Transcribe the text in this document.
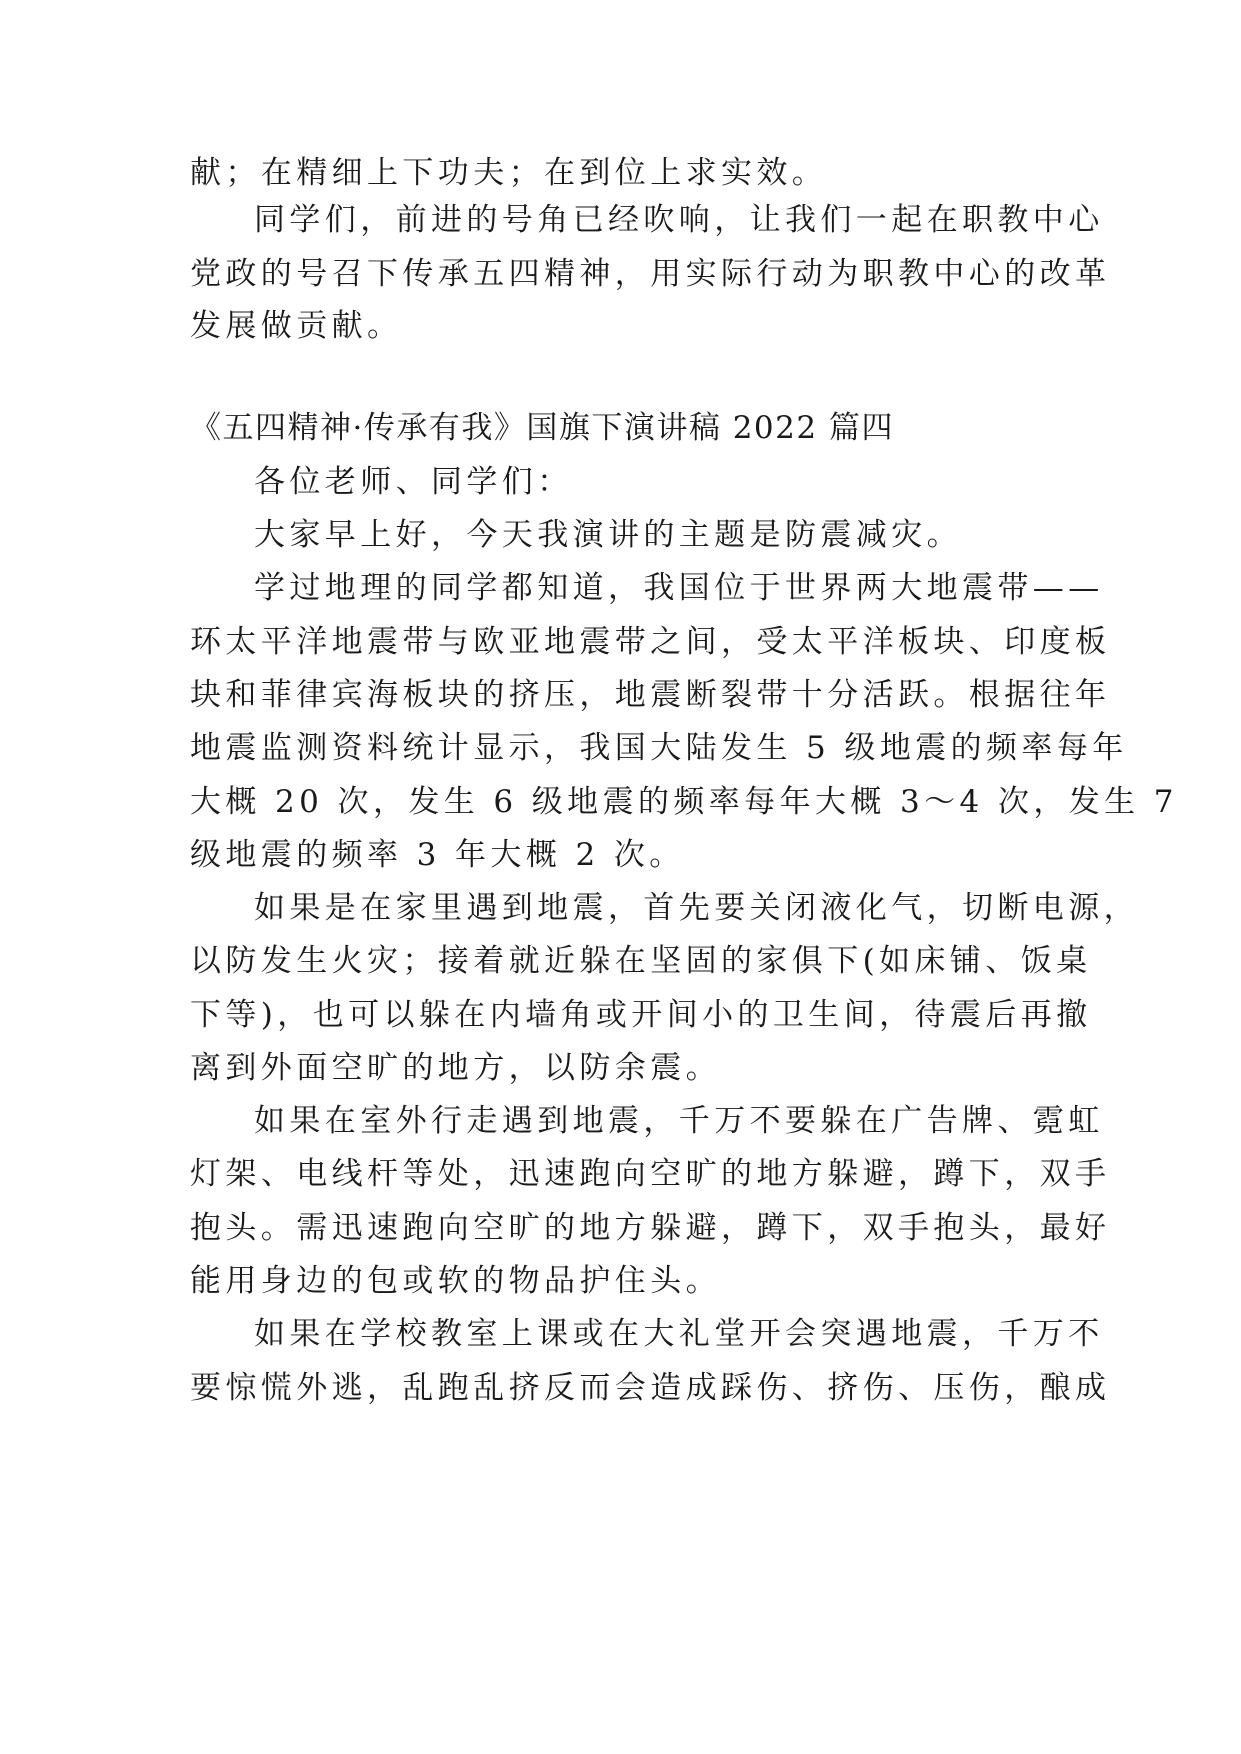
献；在精细上下功夫；在到位上求实效。
同学们，前进的号角已经吹响，让我们一起在职教中心
党政的号召下传承五四精神，用实际行动为职教中心的改革
发展做贡献。
《五四精神·传承有我》国旗下演讲稿 2022 篇四
各位老师、同学们：
大家早上好，今天我演讲的主题是防震减灾。
学过地理的同学都知道，我国位于世界两大地震带——
环太平洋地震带与欧亚地震带之间，受太平洋板块、印度板
块和菲律宾海板块的挤压，地震断裂带十分活跃。根据往年
地震监测资料统计显示，我国大陆发生 5 级地震的频率每年
大概 20 次，发生 6 级地震的频率每年大概 3～4 次，发生 7
级地震的频率 3 年大概 2 次。
如果是在家里遇到地震，首先要关闭液化气，切断电源，
以防发生火灾；接着就近躲在坚固的家俱下(如床铺、饭桌
下等)，也可以躲在内墙角或开间小的卫生间，待震后再撤
离到外面空旷的地方，以防余震。
如果在室外行走遇到地震，千万不要躲在广告牌、霓虹
灯架、电线杆等处，迅速跑向空旷的地方躲避，蹲下，双手
抱头。需迅速跑向空旷的地方躲避，蹲下，双手抱头，最好
能用身边的包或软的物品护住头。
如果在学校教室上课或在大礼堂开会突遇地震，千万不
要惊慌外逃，乱跑乱挤反而会造成踩伤、挤伤、压伤，酿成
